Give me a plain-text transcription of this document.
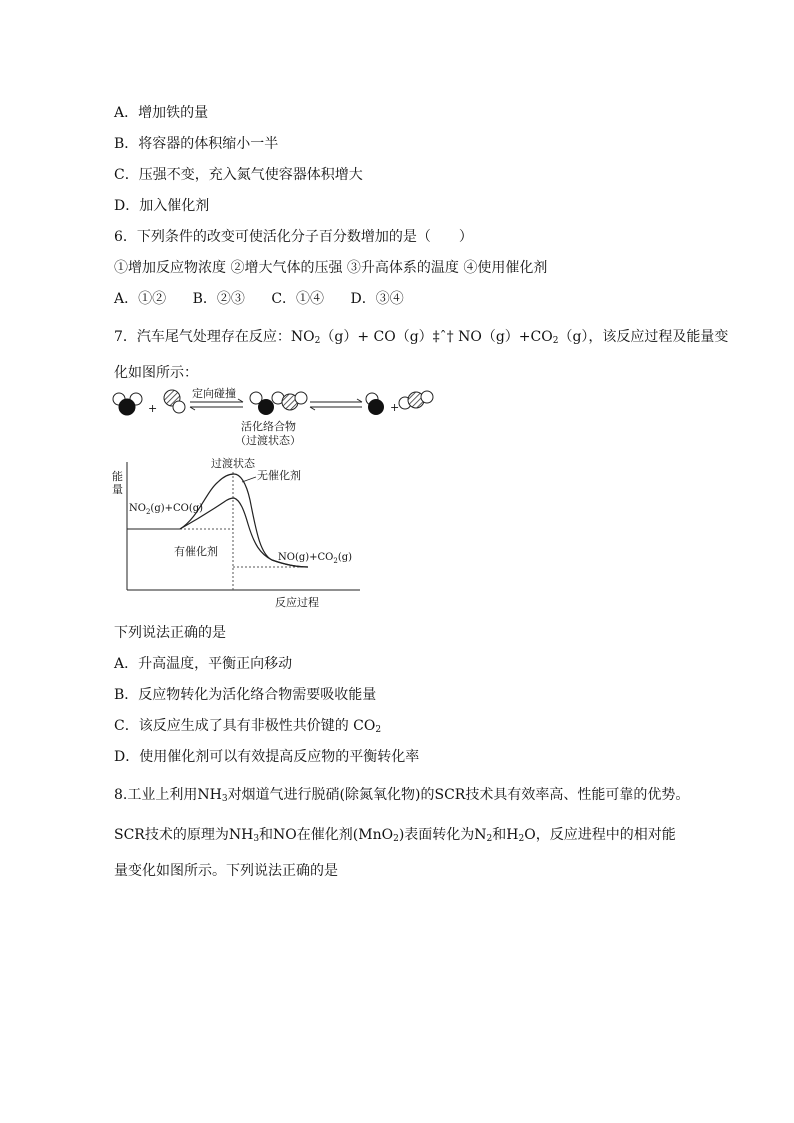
A．增加铁的量
B．将容器的体积缩小一半
C．压强不变，充入氮气使容器体积增大
D．加入催化剂
6．下列条件的改变可使活化分子百分数增加的是（　　）
①增加反应物浓度 ②增大气体的压强 ③升高体系的温度 ④使用催化剂
A．①② B．②③ C．①④ D．③④
7．汽车尾气处理存在反应：$NO_2(g)+$ CO（g）‡ˆ† $NO(g)+CO_2(g)$，该反应过程及能量变
化如图所示：
+
定向碰撞
+
活化络合物
（过渡状态）
能
量
反应过程
过渡状态
无催化剂
有催化剂
$NO_2(g)+CO(g)$
$NO(g)+CO_2(g)$
下列说法正确的是
A．升高温度，平衡正向移动
B．反应物转化为活化络合物需要吸收能量
C．该反应生成了具有非极性共价键的 $CO_2$
D．使用催化剂可以有效提高反应物的平衡转化率
8.工业上利用$NH_3$对烟道气进行脱硝(除氮氧化物)的SCR技术具有效率高、性能可靠的优势。
SCR技术的原理为$NH_3$和NO在催化剂(MnO$_2$)表面转化为$N_2$和$H_2O$，反应进程中的相对能
量变化如图所示。下列说法正确的是
